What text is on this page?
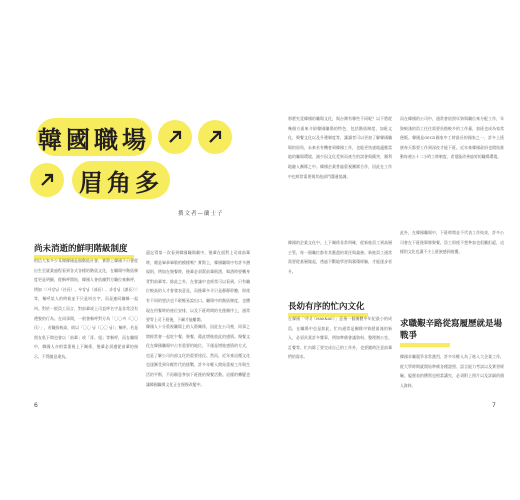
韓國職場
眉角多
撰文者—蘭士子
尚未消逝的鮮明階級制度
相信大家多少耳聞韓國是個階級社會，實際上韓國不只會從出生至就業過程看到各式各樣的階級文化，在職場中階級制度更是明顯，從稱呼開始，韓國人會依據對方職位來稱呼，例如〈〈사장님（社長）、부장님（部長）、과장님（課長）〉〉等，稱呼某人的時候並不只是叫名字，而是連同職稱一起叫。對於一般員工而言，對前輩或上司直呼名字是非常沒有禮貌的行為。在同事間，一般會稱呼對方為「〇〇씨（〇〇氏）」，若職級較高，則以「〇〇 님（〇〇 님）」稱呼。若是朋友私下間也會以「前輩」或「哥、姐」等稱呼，而在職場中，韓國人亦相當重視上下關係，後輩必須遵從前輩的指示，不得隨意違抗。
還記得第一次看到韓國職場劇中，後輩在面對上司或前輩時，總是畢恭畢敬的模樣嗎？實際上，韓國職場中有許多潛規則，例如在聚餐時，後輩必須幫前輩倒酒，喝酒時要轉身背對前輩等。除此之外，在會議中也經常可以看到，只有職位較高的人才會發表意見，而後輩多半只是靜靜聆聽，即使有不同的想法也不敢輕易說出口。職場中的階級制度，也體現在用餐時的座位安排，以及下班時間的先後順序上，通常要等上司下班後，下屬才能離開。
韓國人十分重視職場上的人際關係，因此在公司裡，同事之間經常會一起吃午餐、聚餐，藉此增進彼此的感情。聚餐文化在韓國職場中占有重要的地位，不僅是增進感情的方式，也是了解公司內部文化的重要途徑。然而，近年來這種文化也逐漸受到年輕世代的挑戰，許多年輕人開始重視工作與生活的平衡，不再願意參加下班後的聚餐活動。這樣的轉變也讓韓國職場文化正在慢慢改變中。
6
那麼究竟韓國的職場文化，與台灣有哪些不同呢？以下將從幾個方面來介紹韓國職場的特色，包括階級制度、加班文化、聚餐文化以及升遷制度等，讓讀者可以更加了解韓國職場的眉角，未來若有機會到韓國工作，也能更快速地適應當地的職場環境，減少因文化差異而產生的誤會與衝突，順利地融入團隊之中。韓國企業普遍重視團隊合作，因此在工作中也經常需要與其他部門溝通協調。
韓國的企業文化中，上下關係非常明確，從新進員工到高層主管，每一個職位都有其應盡的責任與義務。新進員工通常需要從基層做起，透過不斷地學習與累積經驗，才能逐步晉升。
長幼有序的忙內文化
在韓國「막내（MAKNAE）」意指一個團體中年紀最小的成員，在職場中也是如此，忙內通常是團隊中資歷最淺的新人，必須負責許多雜事，例如準備會議資料、整理辦公室、訂餐等。忙內除了要完成自己的工作外，也要隨時注意前輩們的需求。
而在韓國的公司中，通常會依照年資與職位來分配工作，年資較淺的員工往往需要負擔較多的工作量，加班也成為家常便飯。韓國是OECD國家中工時最長的國家之一，許多上班族每天都要工作到深夜才能下班。近年來韓國政府也開始推動每週五十二小時工時制度，希望能改善過勞的職場環境。
此外，在韓國職場中，下班時間並不代表工作結束，許多公司會在下班後舉辦聚餐，員工即使不想參加也很難拒絕，這樣的文化也讓不少上班族感到疲憊。
求職艱辛路從寫履歷就是場戰爭
韓國求職競爭非常激烈，許多年輕人為了進入大企業工作，從大學時期就開始準備各種證照、語言能力考試以及實習經驗。履歷表的撰寫也相當講究，必須附上照片以及詳細的個人資料。
7
